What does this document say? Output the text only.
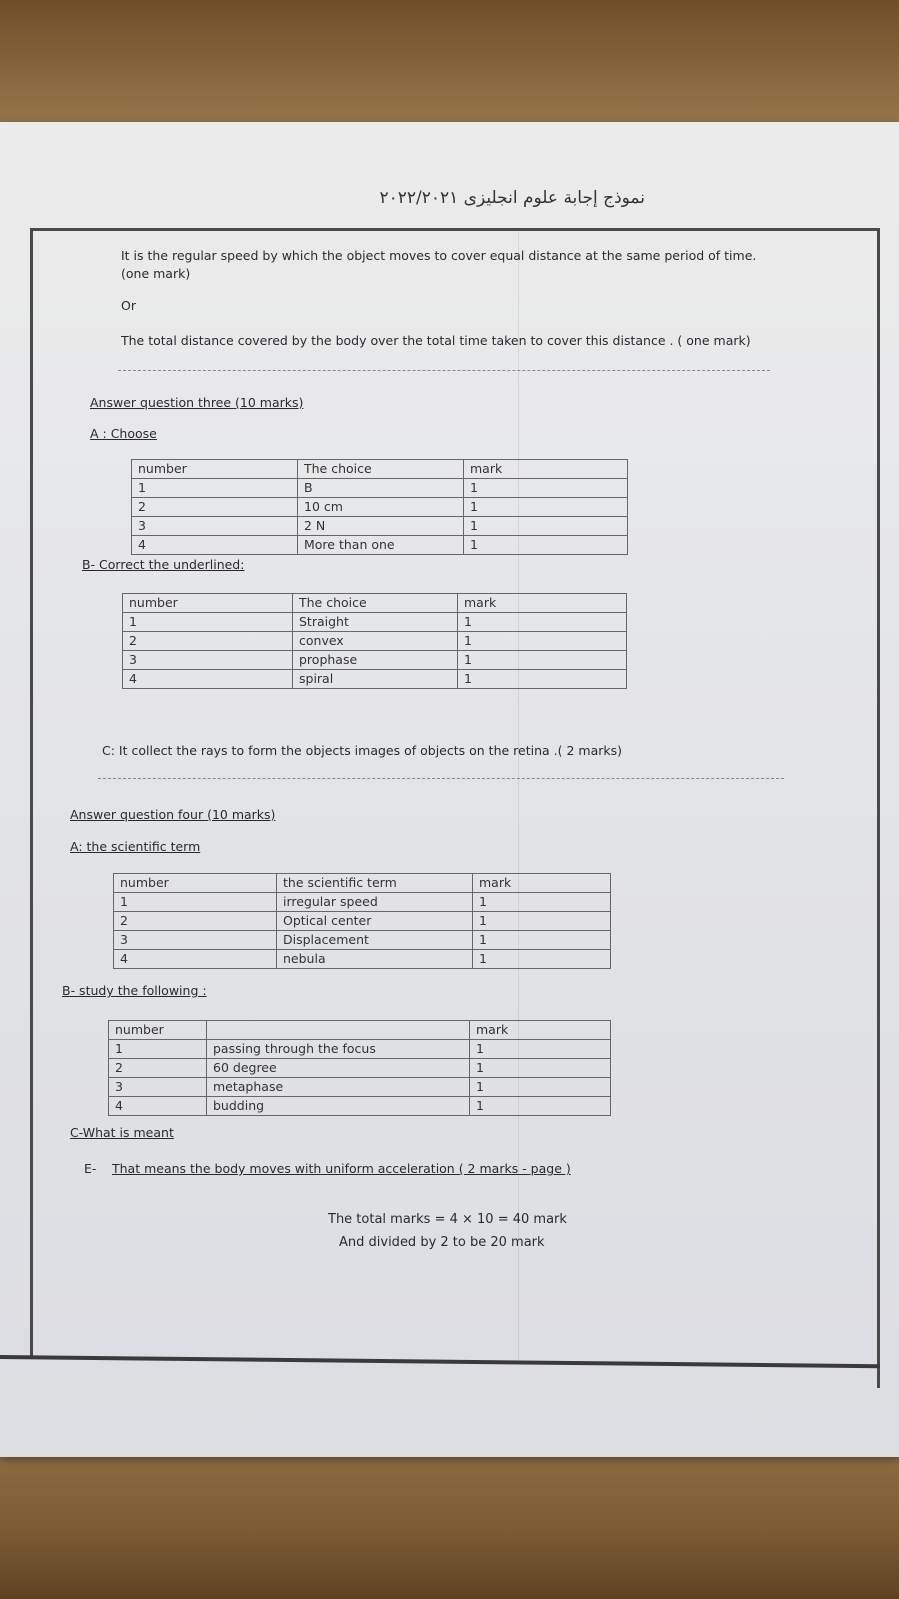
نموذج إجابة علوم انجليزى ٢٠٢٢/٢٠٢١
It is the regular speed by which the object moves to cover equal distance at the same period of time.
(one mark)
Or
The total distance covered by the body over the total time taken to cover this distance . ( one mark)
Answer question three (10 marks)
A : Choose
number	The choice	mark
1	B	1
2	10 cm	1
3	2 N	1
4	More than one	1
B- Correct the underlined:
number	The choice	mark
1	Straight	1
2	convex	1
3	prophase	1
4	spiral	1
C: It collect the rays to form the objects images of objects on the retina .( 2 marks)
Answer question four (10 marks)
A: the scientific term
number	the scientific term	mark
1	irregular speed	1
2	Optical center	1
3	Displacement	1
4	nebula	1
B- study the following :
number		mark
1	passing through the focus	1
2	60 degree	1
3	metaphase	1
4	budding	1
C-What is meant
E- That means the body moves with uniform acceleration ( 2 marks - page )
The total marks = 4 × 10 = 40 mark
And divided by 2 to be 20 mark
